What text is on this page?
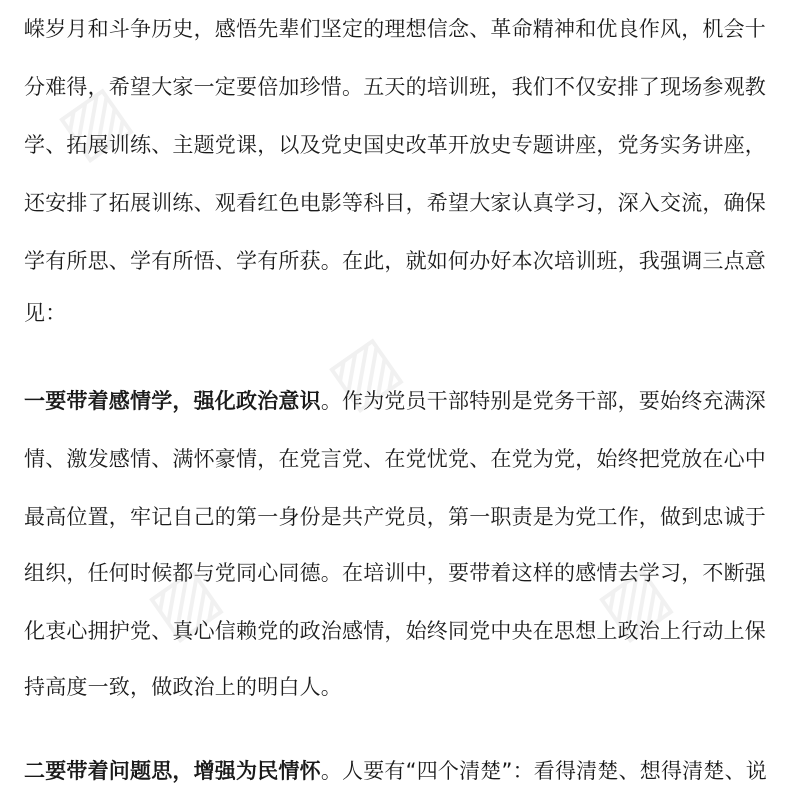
▨
▨
▨	▨
嵘岁月和斗争历史，感悟先辈们坚定的理想信念、革命精神和优良作风，机会十
分难得，希望大家一定要倍加珍惜。五天的培训班，我们不仅安排了现场参观教
学、拓展训练、主题党课，以及党史国史改革开放史专题讲座，党务实务讲座，
还安排了拓展训练、观看红色电影等科目，希望大家认真学习，深入交流，确保
学有所思、学有所悟、学有所获。在此，就如何办好本次培训班，我强调三点意
见：
一要带着感情学，强化政治意识。作为党员干部特别是党务干部，要始终充满深
情、激发感情、满怀豪情，在党言党、在党忧党、在党为党，始终把党放在心中
最高位置，牢记自己的第一身份是共产党员，第一职责是为党工作，做到忠诚于
组织，任何时候都与党同心同德。在培训中，要带着这样的感情去学习，不断强
化衷心拥护党、真心信赖党的政治感情，始终同党中央在思想上政治上行动上保
持高度一致，做政治上的明白人。
二要带着问题思，增强为民情怀。人要有“四个清楚”：看得清楚、想得清楚、说
